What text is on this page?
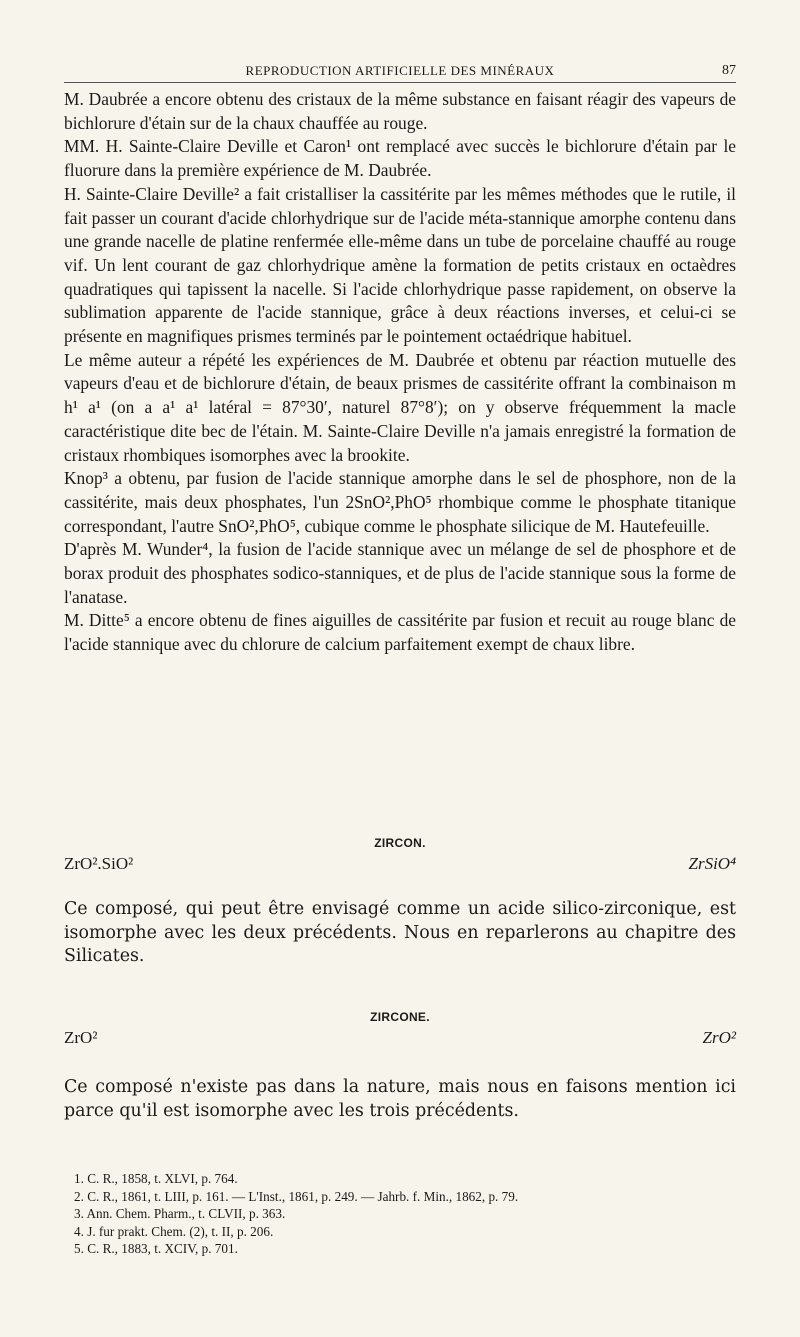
REPRODUCTION ARTIFICIELLE DES MINÉRAUX	87

M. Daubrée a encore obtenu des cristaux de la même substance en faisant réagir des vapeurs de bichlorure d'étain sur de la chaux chauffée au rouge.

MM. H. Sainte-Claire Deville et Caron¹ ont remplacé avec succès le bichlorure d'étain par le fluorure dans la première expérience de M. Daubrée.

H. Sainte-Claire Deville² a fait cristalliser la cassitérite par les mêmes méthodes que le rutile, il fait passer un courant d'acide chlorhydrique sur de l'acide méta-stannique amorphe contenu dans une grande nacelle de platine renfermée elle-même dans un tube de porcelaine chauffé au rouge vif. Un lent courant de gaz chlorhydrique amène la formation de petits cristaux en octaèdres quadratiques qui tapissent la nacelle. Si l'acide chlorhydrique passe rapidement, on observe la sublimation apparente de l'acide stannique, grâce à deux réactions inverses, et celui-ci se présente en magnifiques prismes terminés par le pointement octaédrique habituel.

Le même auteur a répété les expériences de M. Daubrée et obtenu par réaction mutuelle des vapeurs d'eau et de bichlorure d'étain, de beaux prismes de cassitérite offrant la combinaison m h¹ a¹ (on a a¹ a¹ latéral = 87°30′, naturel 87°8′); on y observe fréquemment la macle caractéristique dite bec de l'étain. M. Sainte-Claire Deville n'a jamais enregistré la formation de cristaux rhombiques isomorphes avec la brookite.

Knop³ a obtenu, par fusion de l'acide stannique amorphe dans le sel de phosphore, non de la cassitérite, mais deux phosphates, l'un 2SnO²,PhO⁵ rhombique comme le phosphate titanique correspondant, l'autre SnO²,PhO⁵, cubique comme le phosphate silicique de M. Hautefeuille.

D'après M. Wunder⁴, la fusion de l'acide stannique avec un mélange de sel de phosphore et de borax produit des phosphates sodico-stanniques, et de plus de l'acide stannique sous la forme de l'anatase.

M. Ditte⁵ a encore obtenu de fines aiguilles de cassitérite par fusion et recuit au rouge blanc de l'acide stannique avec du chlorure de calcium parfaitement exempt de chaux libre.

ZIRCON.
ZrO².SiO²	ZrSiO⁴

Ce composé, qui peut être envisagé comme un acide silico-zirconique, est isomorphe avec les deux précédents. Nous en reparlerons au chapitre des Silicates.

ZIRCONE.
ZrO²	ZrO²

Ce composé n'existe pas dans la nature, mais nous en faisons mention ici parce qu'il est isomorphe avec les trois précédents.

1. C. R., 1858, t. XLVI, p. 764.
2. C. R., 1861, t. LIII, p. 161. — L'Inst., 1861, p. 249. — Jahrb. f. Min., 1862, p. 79.
3. Ann. Chem. Pharm., t. CLVII, p. 363.
4. J. fur prakt. Chem. (2), t. II, p. 206.
5. C. R., 1883, t. XCIV, p. 701.
